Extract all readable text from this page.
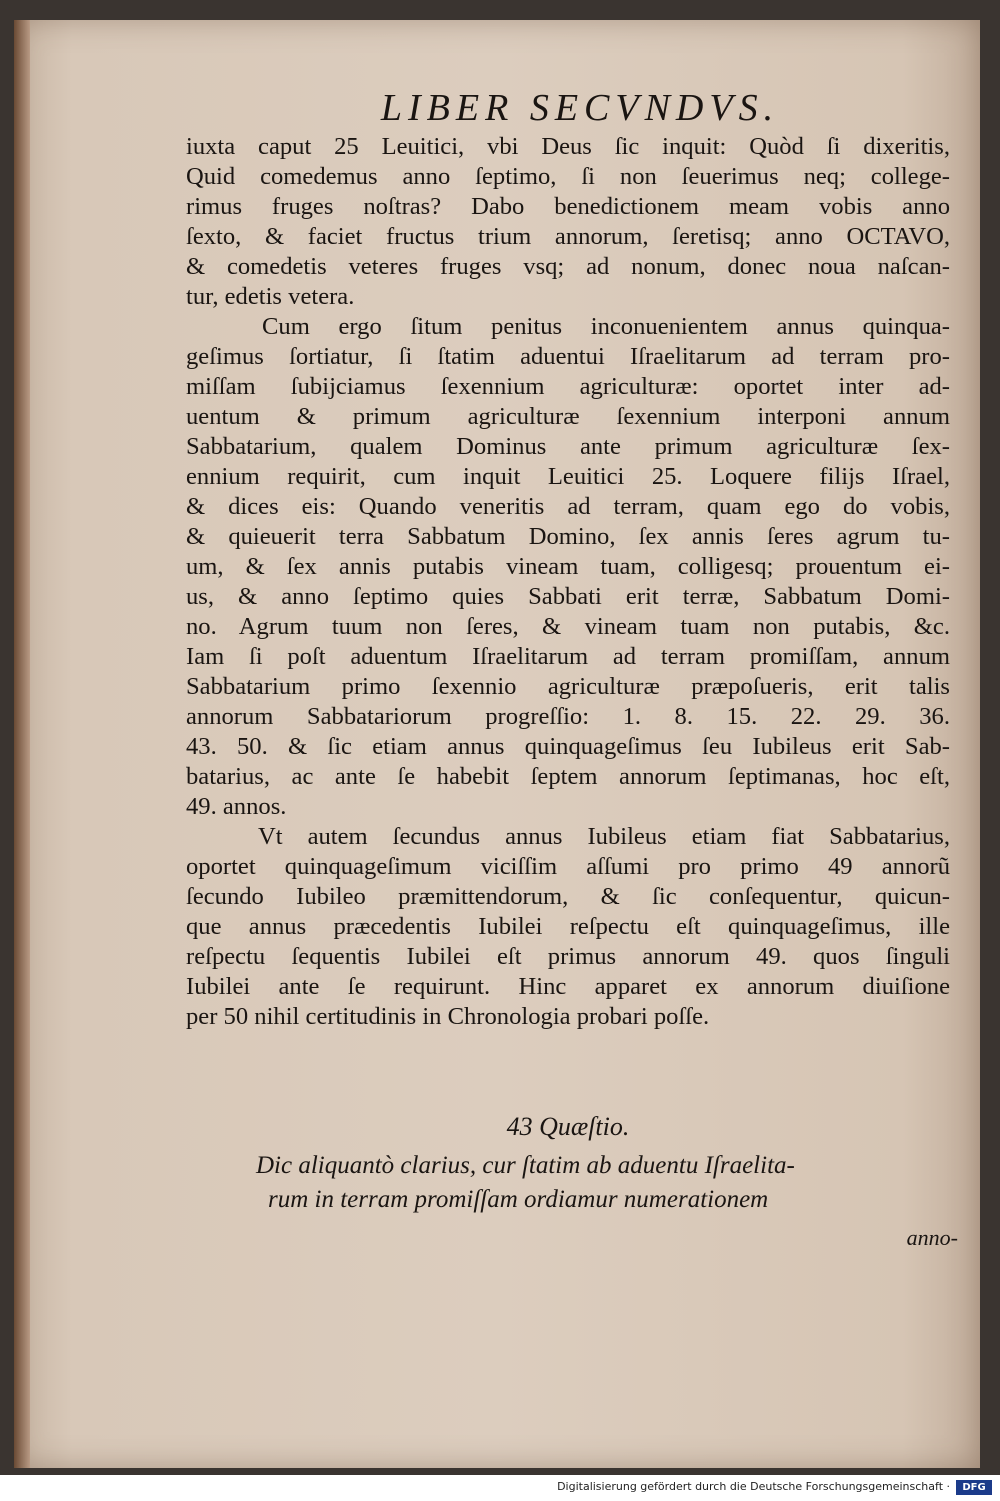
LIBER SECVNDVS.
iuxta caput 25 Leuitici, vbi Deus ſic inquit: Quòd ſi dixeritis,
Quid comedemus anno ſeptimo, ſi non ſeuerimus neq; college-
rimus fruges noſtras? Dabo benedictionem meam vobis anno
ſexto, & faciet fructus trium annorum, ſeretisq; anno OCTAVO,
& comedetis veteres fruges vsq; ad nonum, donec noua naſcan-
tur, edetis vetera.
Cum ergo ſitum penitus inconuenientem annus quinqua-
geſimus ſortiatur, ſi ſtatim aduentui Iſraelitarum ad terram pro-
miſſam ſubijciamus ſexennium agriculturæ: oportet inter ad-
uentum & primum agriculturæ ſexennium interponi annum
Sabbatarium, qualem Dominus ante primum agriculturæ ſex-
ennium requirit, cum inquit Leuitici 25. Loquere filijs Iſrael,
& dices eis: Quando veneritis ad terram, quam ego do vobis,
& quieuerit terra Sabbatum Domino, ſex annis ſeres agrum tu-
um, & ſex annis putabis vineam tuam, colligesq; prouentum ei-
us, & anno ſeptimo quies Sabbati erit terræ, Sabbatum Domi-
no. Agrum tuum non ſeres, & vineam tuam non putabis, &c.
Iam ſi poſt aduentum Iſraelitarum ad terram promiſſam, annum
Sabbatarium primo ſexennio agriculturæ præpoſueris, erit talis
annorum Sabbatariorum progreſſio: 1. 8. 15. 22. 29. 36.
43. 50. & ſic etiam annus quinquageſimus ſeu Iubileus erit Sab-
batarius, ac ante ſe habebit ſeptem annorum ſeptimanas, hoc eſt,
49. annos.
Vt autem ſecundus annus Iubileus etiam fiat Sabbatarius,
oportet quinquageſimum viciſſim aſſumi pro primo 49 annorũ
ſecundo Iubileo præmittendorum, & ſic conſequentur, quicun-
que annus præcedentis Iubilei reſpectu eſt quinquageſimus, ille
reſpectu ſequentis Iubilei eſt primus annorum 49. quos ſinguli
Iubilei ante ſe requirunt. Hinc apparet ex annorum diuiſione
per 50 nihil certitudinis in Chronologia probari poſſe.
43 Quæſtio.
Dic aliquantò clarius, cur ſtatim ab aduentu Iſraelita-
rum in terram promiſſam ordiamur numerationem
anno-
Digitalisierung gefördert durch die Deutsche Forschungsgemeinschaft ·	DFG
